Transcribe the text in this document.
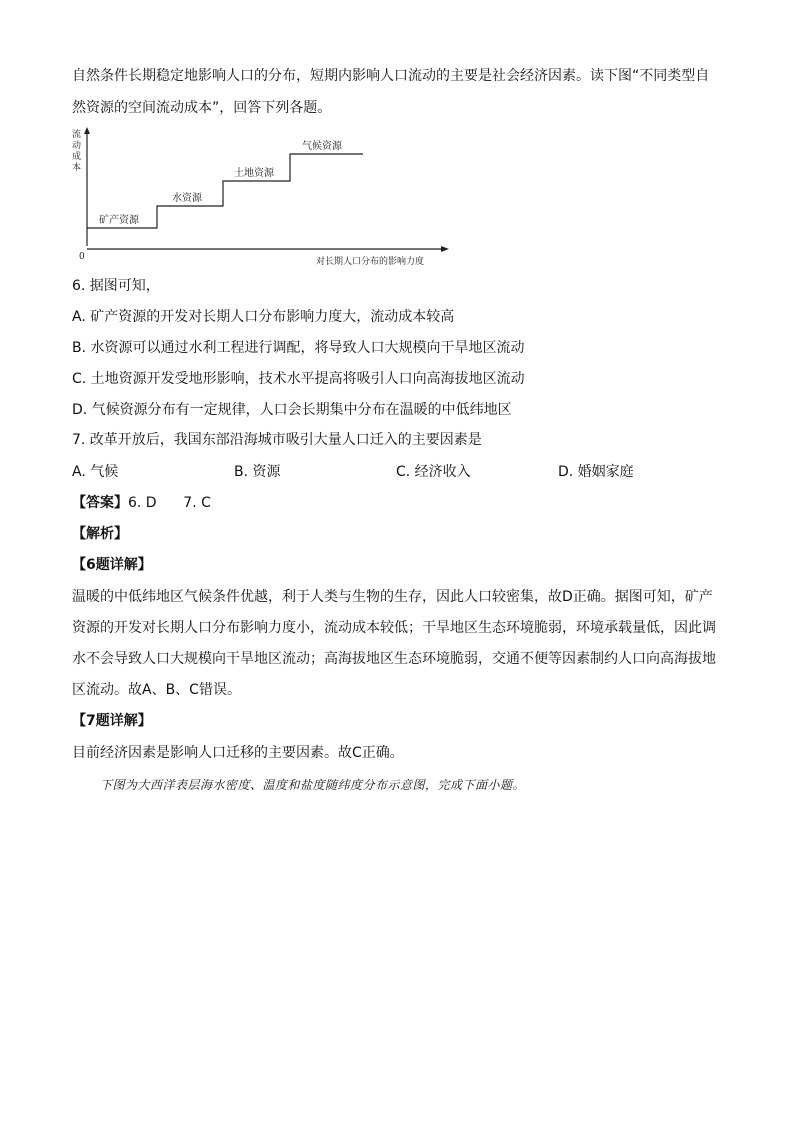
自然条件长期稳定地影响人口的分布，短期内影响人口流动的主要是社会经济因素。读下图“不同类型自
然资源的空间流动成本”，回答下列各题。
流
动
成
本
0
矿产资源
水资源
土地资源
气候资源
对长期人口分布的影响力度
6. 据图可知，
A. 矿产资源的开发对长期人口分布影响力度大，流动成本较高
B. 水资源可以通过水利工程进行调配，将导致人口大规模向干旱地区流动
C. 土地资源开发受地形影响，技术水平提高将吸引人口向高海拔地区流动
D. 气候资源分布有一定规律，人口会长期集中分布在温暖的中低纬地区
7. 改革开放后，我国东部沿海城市吸引大量人口迁入的主要因素是
A. 气候	B. 资源	C. 经济收入	D. 婚姻家庭
【答案】6. D      7. C
【解析】
【6题详解】
温暖的中低纬地区气候条件优越，利于人类与生物的生存，因此人口较密集，故D正确。据图可知，矿产
资源的开发对长期人口分布影响力度小，流动成本较低；干旱地区生态环境脆弱，环境承载量低，因此调
水不会导致人口大规模向干旱地区流动；高海拔地区生态环境脆弱，交通不便等因素制约人口向高海拔地
区流动。故A、B、C错误。
【7题详解】
目前经济因素是影响人口迁移的主要因素。故C正确。
下图为大西洋表层海水密度、温度和盐度随纬度分布示意图，完成下面小题。
